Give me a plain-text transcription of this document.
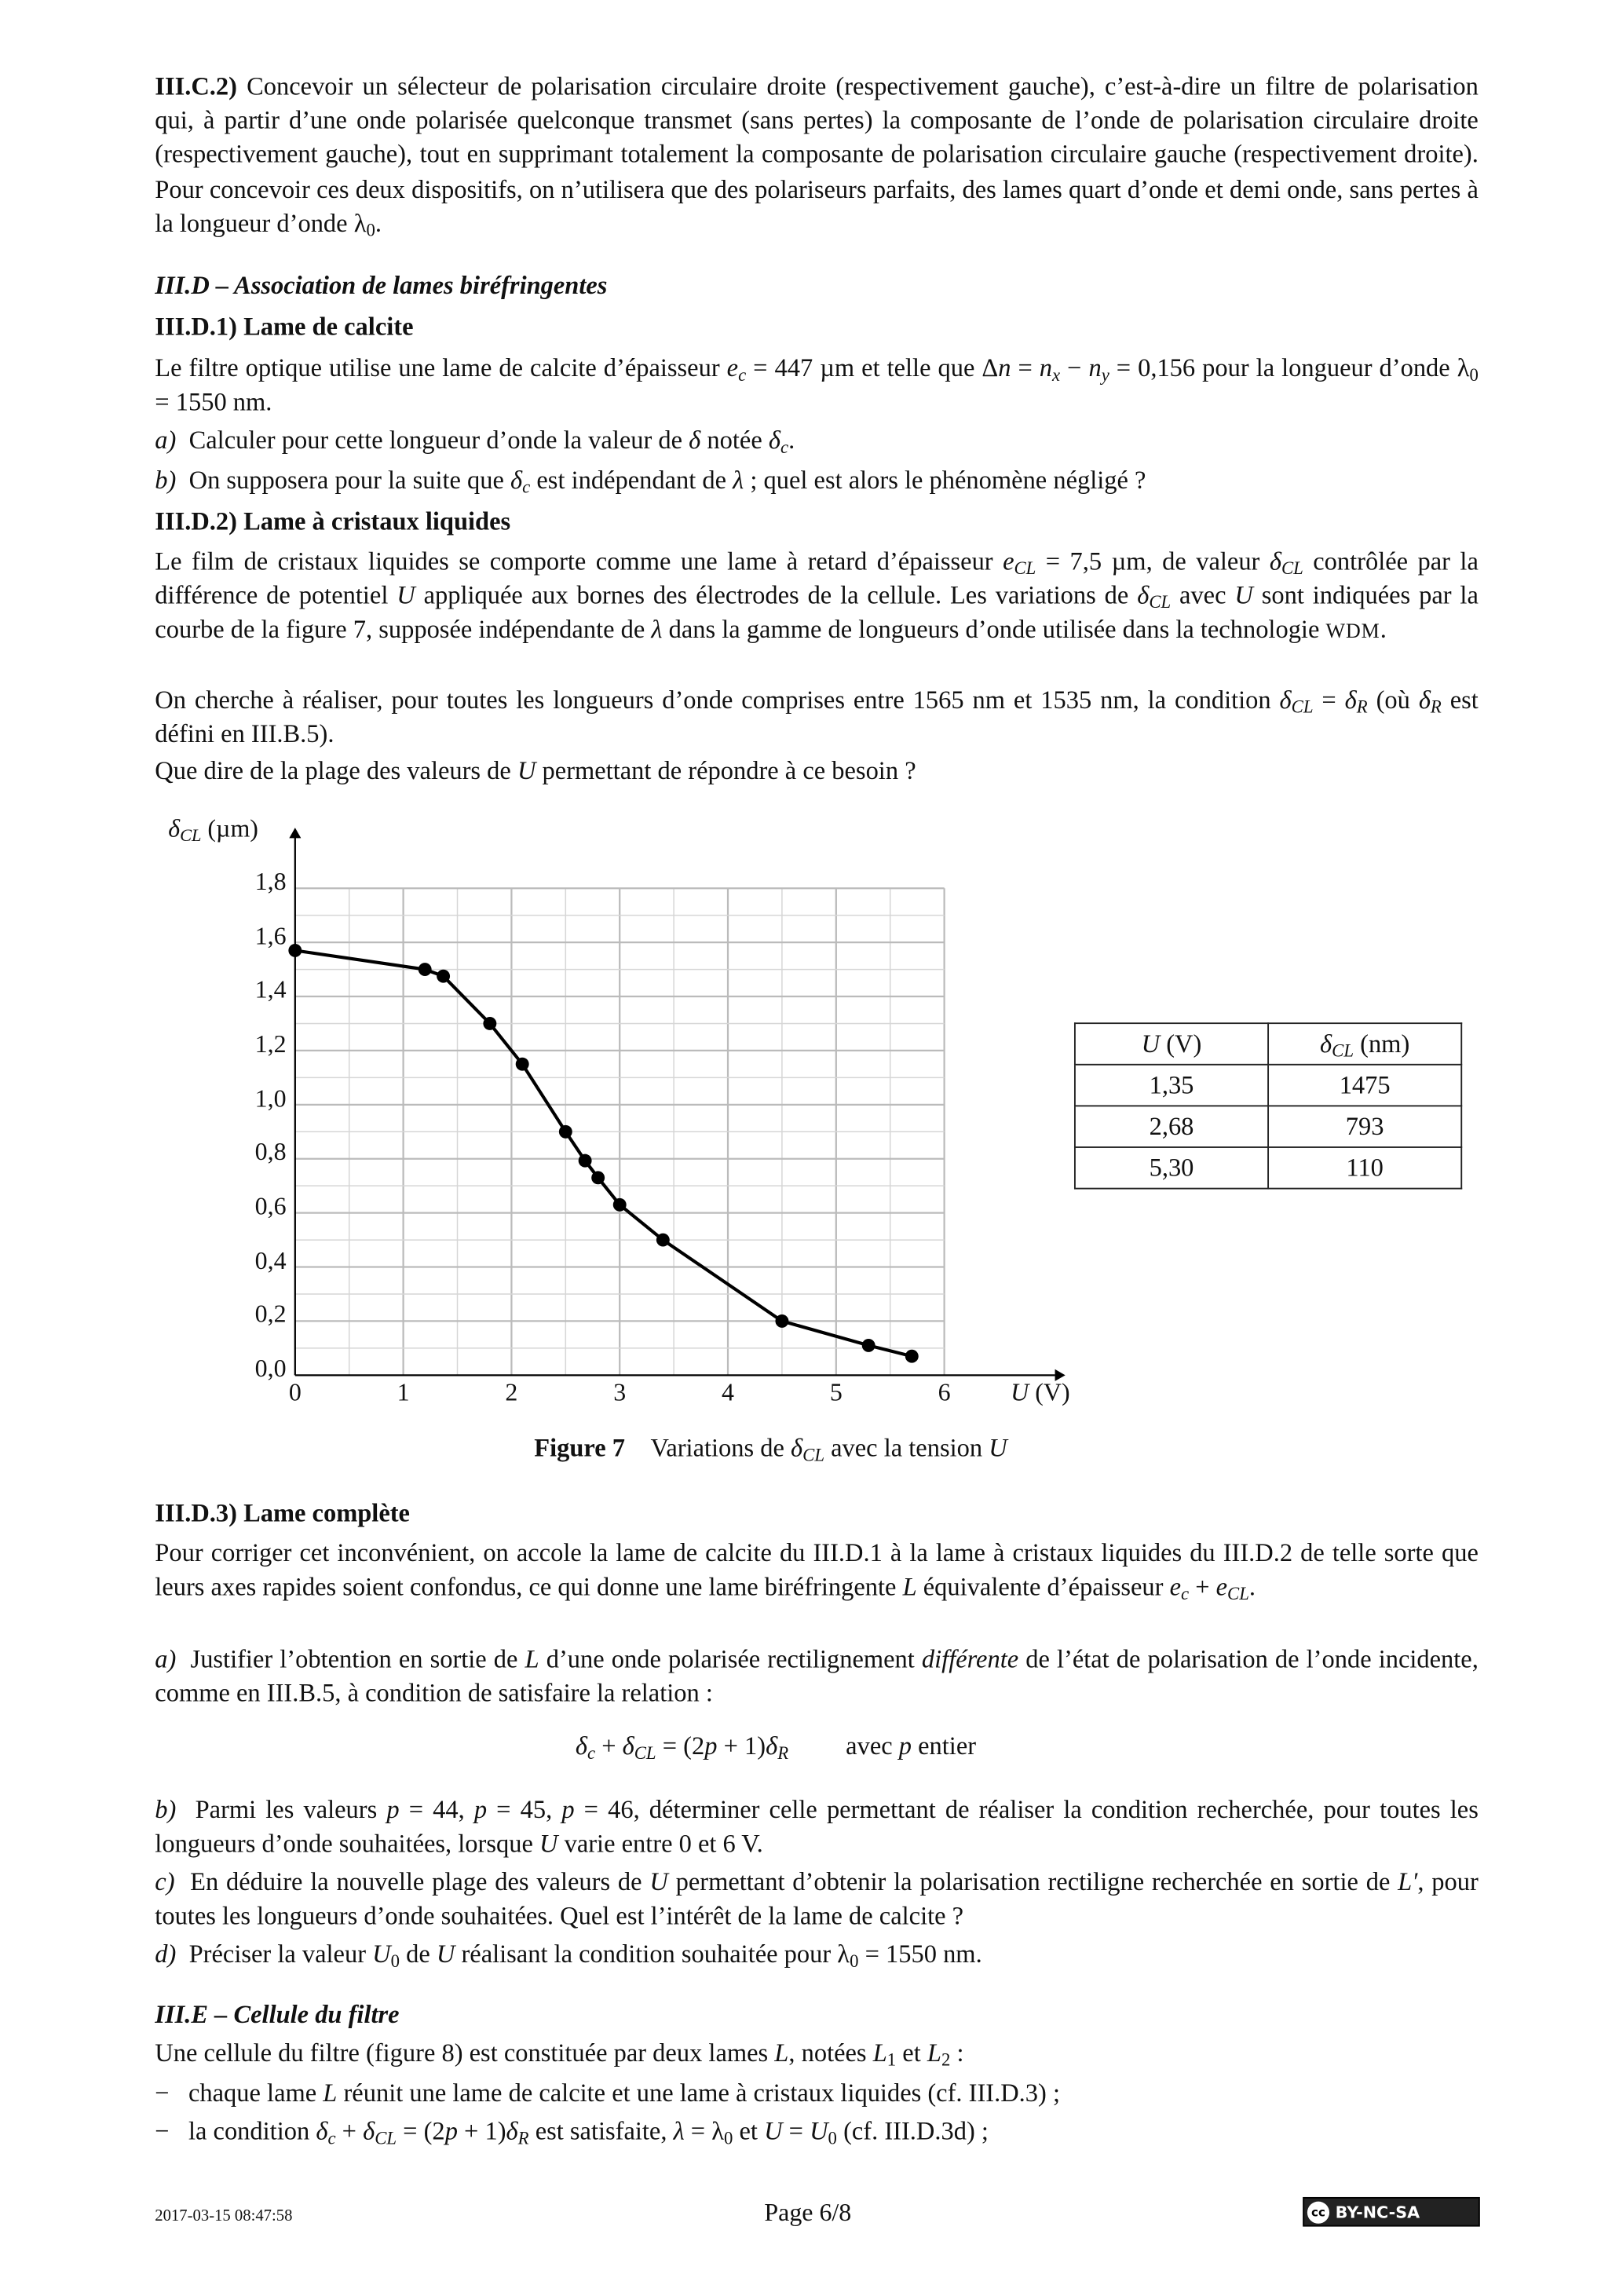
III.C.2) Concevoir un sélecteur de polarisation circulaire droite (respectivement gauche), c’est-à-dire un filtre de polarisation qui, à partir d’une onde polarisée quelconque transmet (sans pertes) la composante de l’onde de polarisation circulaire droite (respectivement gauche), tout en supprimant totalement la composante de polarisation circulaire gauche (respectivement droite). Pour concevoir ces deux dispositifs, on n’utilisera que des polariseurs parfaits, des lames quart d’onde et demi onde, sans pertes à la longueur d’onde $\lambda_0$.
III.D – Association de lames biréfringentes
III.D.1) Lame de calcite
Le filtre optique utilise une lame de calcite d’épaisseur $e_c = 447$ µm et telle que $\Delta n = n_x - n_y = 0,156$ pour la longueur d’onde $\lambda_0 = 1550$ nm.
a)  Calculer pour cette longueur d’onde la valeur de δ notée $\delta_c$.
b)  On supposera pour la suite que $\delta_c$ est indépendant de λ ; quel est alors le phénomène négligé ?
III.D.2) Lame à cristaux liquides
Le film de cristaux liquides se comporte comme une lame à retard d’épaisseur $e_{CL} = 7,5$ µm, de valeur $\delta_{CL}$ contrôlée par la différence de potentiel U appliquée aux bornes des électrodes de la cellule. Les variations de $\delta_{CL}$ avec U sont indiquées par la courbe de la figure 7, supposée indépendante de λ dans la gamme de longueurs d’onde utilisée dans la technologie WDM.
On cherche à réaliser, pour toutes les longueurs d’onde comprises entre 1565 nm et 1535 nm, la condition $\delta_{CL} = \delta_R$ (où $\delta_R$ est défini en III.B.5).
Que dire de la plage des valeurs de U permettant de répondre à ce besoin ?
0	1	2	3	4	5	6
0,0
0,2
0,4
0,6
0,8
1,0
1,2
1,4
1,6
1,8
U (V)
$\delta_{CL}$ (µm)
U (V)	$\delta_{CL}$ (nm)
1,35	1475
2,68	793
5,30	110
Figure 7 Variations de $\delta_{CL}$ avec la tension U
III.D.3) Lame complète
Pour corriger cet inconvénient, on accole la lame de calcite du III.D.1 à la lame à cristaux liquides du III.D.2 de telle sorte que leurs axes rapides soient confondus, ce qui donne une lame biréfringente L équivalente d’épaisseur $e_c + e_{CL}$.
a)  Justifier l’obtention en sortie de L d’une onde polarisée rectilignement différente de l’état de polarisation de l’onde incidente, comme en III.B.5, à condition de satisfaire la relation :
$\delta_c + \delta_{CL} = (2p + 1)\delta_R$         avec p entier
b)  Parmi les valeurs p = 44, p = 45, p = 46, déterminer celle permettant de réaliser la condition recherchée, pour toutes les longueurs d’onde souhaitées, lorsque U varie entre 0 et 6 V.
c)  En déduire la nouvelle plage des valeurs de U permettant d’obtenir la polarisation rectiligne recherchée en sortie de L′, pour toutes les longueurs d’onde souhaitées. Quel est l’intérêt de la lame de calcite ?
d)  Préciser la valeur $U_0$ de U réalisant la condition souhaitée pour $\lambda_0 = 1550$ nm.
III.E – Cellule du filtre
Une cellule du filtre (figure 8) est constituée par deux lames L, notées $L_1$ et $L_2$ :
−   chaque lame L réunit une lame de calcite et une lame à cristaux liquides (cf. III.D.3) ;
−   la condition $\delta_c + \delta_{CL} = (2p + 1)\delta_R$ est satisfaite, $\lambda = \lambda_0$ et $U = U_0$ (cf. III.D.3d) ;
2017-03-15 08:47:58	Page 6/8	cc	BY-NC-SA
